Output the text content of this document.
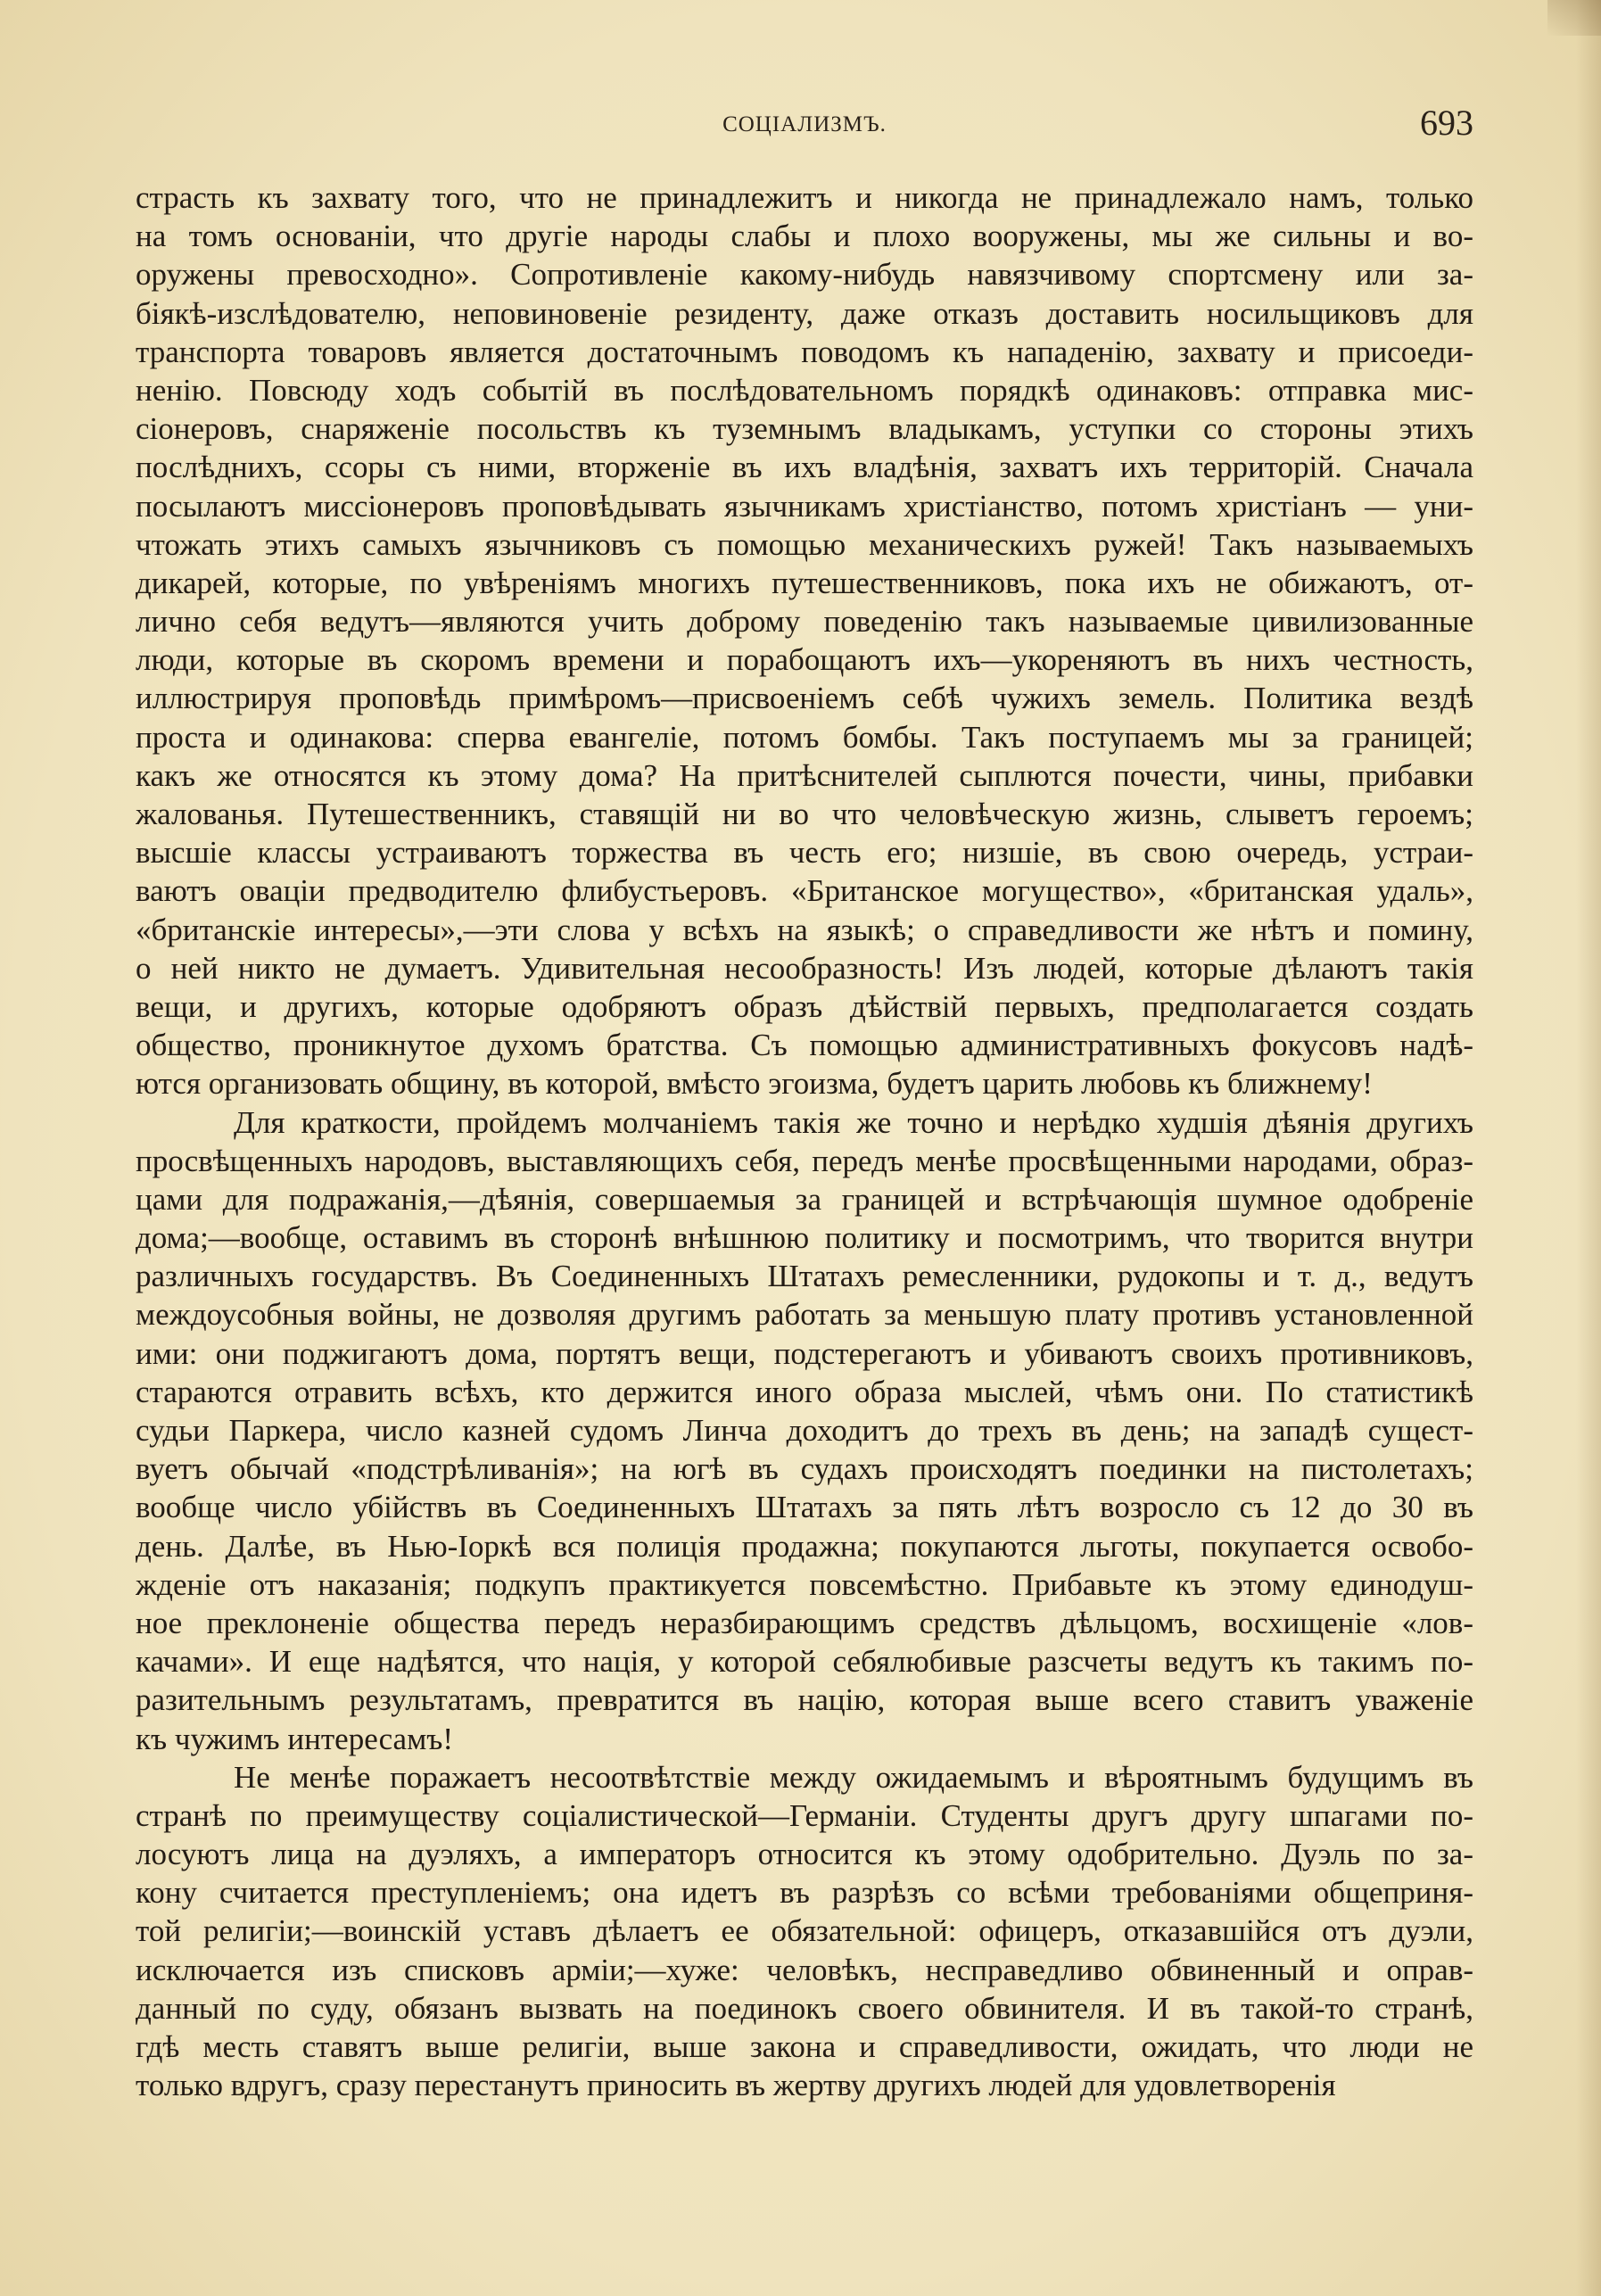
СОЦІАЛИЗМЪ.	693
страсть къ захвату того, что не принадлежитъ и никогда не принадлежало намъ, только
на томъ основаніи, что другіе народы слабы и плохо вооружены, мы же сильны и во-
оружены превосходно». Сопротивленіе какому-нибудь навязчивому спортсмену или за-
біякѣ-изслѣдователю, неповиновеніе резиденту, даже отказъ доставить носильщиковъ для
транспорта товаровъ является достаточнымъ поводомъ къ нападенію, захвату и присоеди-
ненію. Повсюду ходъ событій въ послѣдовательномъ порядкѣ одинаковъ: отправка мис-
сіонеровъ, снаряженіе посольствъ къ туземнымъ владыкамъ, уступки со стороны этихъ
послѣднихъ, ссоры съ ними, вторженіе въ ихъ владѣнія, захватъ ихъ территорій. Сначала
посылаютъ миссіонеровъ проповѣдывать язычникамъ христіанство, потомъ христіанъ — уни-
чтожать этихъ самыхъ язычниковъ съ помощью механическихъ ружей! Такъ называемыхъ
дикарей, которые, по увѣреніямъ многихъ путешественниковъ, пока ихъ не обижаютъ, от-
лично себя ведутъ—являются учить доброму поведенію такъ называемые цивилизованные
люди, которые въ скоромъ времени и порабощаютъ ихъ—укореняютъ въ нихъ честность,
иллюстрируя проповѣдь примѣромъ—присвоеніемъ себѣ чужихъ земель. Политика вездѣ
проста и одинакова: сперва евангеліе, потомъ бомбы. Такъ поступаемъ мы за границей;
какъ же относятся къ этому дома? На притѣснителей сыплются почести, чины, прибавки
жалованья. Путешественникъ, ставящій ни во что человѣческую жизнь, слыветъ героемъ;
высшіе классы устраиваютъ торжества въ честь его; низшіе, въ свою очередь, устраи-
ваютъ оваціи предводителю флибустьеровъ. «Британское могущество», «британская удаль»,
«британскіе интересы»,—эти слова у всѣхъ на языкѣ; о справедливости же нѣтъ и помину,
о ней никто не думаетъ. Удивительная несообразность! Изъ людей, которые дѣлаютъ такія
вещи, и другихъ, которые одобряютъ образъ дѣйствій первыхъ, предполагается создать
общество, проникнутое духомъ братства. Съ помощью административныхъ фокусовъ надѣ-
ются организовать общину, въ которой, вмѣсто эгоизма, будетъ царить любовь къ ближнему!
Для краткости, пройдемъ молчаніемъ такія же точно и нерѣдко худшія дѣянія другихъ
просвѣщенныхъ народовъ, выставляющихъ себя, передъ менѣе просвѣщенными народами, образ-
цами для подражанія,—дѣянія, совершаемыя за границей и встрѣчающія шумное одобреніе
дома;—вообще, оставимъ въ сторонѣ внѣшнюю политику и посмотримъ, что творится внутри
различныхъ государствъ. Въ Соединенныхъ Штатахъ ремесленники, рудокопы и т. д., ведутъ
междоусобныя войны, не дозволяя другимъ работать за меньшую плату противъ установленной
ими: они поджигаютъ дома, портятъ вещи, подстерегаютъ и убиваютъ своихъ противниковъ,
стараются отравить всѣхъ, кто держится иного образа мыслей, чѣмъ они. По статистикѣ
судьи Паркера, число казней судомъ Линча доходитъ до трехъ въ день; на западѣ сущест-
вуетъ обычай «подстрѣливанія»; на югѣ въ судахъ происходятъ поединки на пистолетахъ;
вообще число убійствъ въ Соединенныхъ Штатахъ за пять лѣтъ возросло съ 12 до 30 въ
день. Далѣе, въ Нью-Іоркѣ вся полиція продажна; покупаются льготы, покупается освобо-
жденіе отъ наказанія; подкупъ практикуется повсемѣстно. Прибавьте къ этому единодуш-
ное преклоненіе общества передъ неразбирающимъ средствъ дѣльцомъ, восхищеніе «лов-
качами». И еще надѣятся, что нація, у которой себялюбивые разсчеты ведутъ къ такимъ по-
разительнымъ результатамъ, превратится въ націю, которая выше всего ставитъ уваженіе
къ чужимъ интересамъ!
Не менѣе поражаетъ несоотвѣтствіе между ожидаемымъ и вѣроятнымъ будущимъ въ
странѣ по преимуществу соціалистической—Германіи. Студенты другъ другу шпагами по-
лосуютъ лица на дуэляхъ, а императоръ относится къ этому одобрительно. Дуэль по за-
кону считается преступленіемъ; она идетъ въ разрѣзъ со всѣми требованіями общеприня-
той религіи;—воинскій уставъ дѣлаетъ ее обязательной: офицеръ, отказавшійся отъ дуэли,
исключается изъ списковъ арміи;—хуже: человѣкъ, несправедливо обвиненный и оправ-
данный по суду, обязанъ вызвать на поединокъ своего обвинителя. И въ такой-то странѣ,
гдѣ месть ставятъ выше религіи, выше закона и справедливости, ожидать, что люди не
только вдругъ, сразу перестанутъ приносить въ жертву другихъ людей для удовлетворенія
